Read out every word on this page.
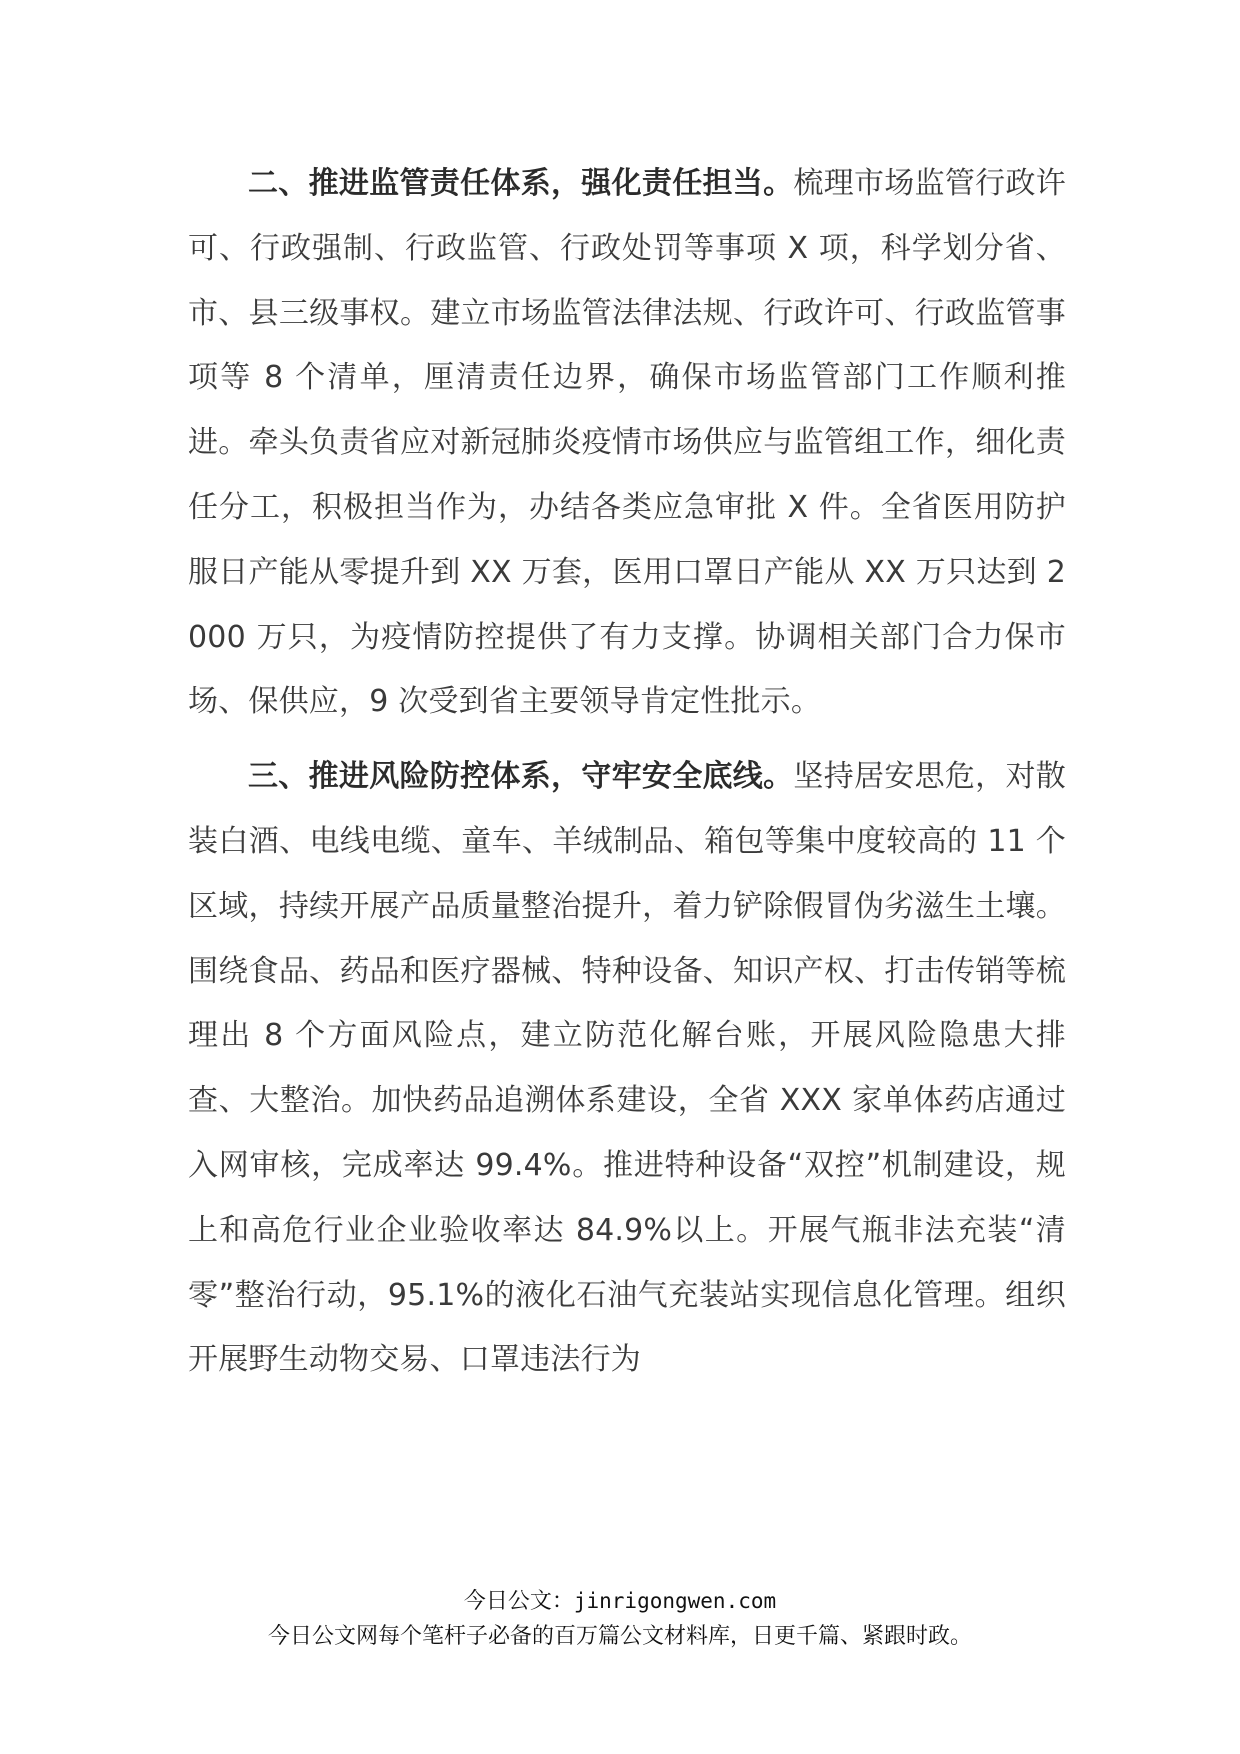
二、推进监管责任体系，强化责任担当。梳理市场监管行政许可、行政强制、行政监管、行政处罚等事项 X 项，科学划分省、市、县三级事权。建立市场监管法律法规、行政许可、行政监管事项等 8 个清单，厘清责任边界，确保市场监管部门工作顺利推进。牵头负责省应对新冠肺炎疫情市场供应与监管组工作，细化责任分工，积极担当作为，办结各类应急审批 X 件。全省医用防护服日产能从零提升到 XX 万套，医用口罩日产能从 XX 万只达到 2000 万只，为疫情防控提供了有力支撑。协调相关部门合力保市场、保供应，9 次受到省主要领导肯定性批示。

三、推进风险防控体系，守牢安全底线。坚持居安思危，对散装白酒、电线电缆、童车、羊绒制品、箱包等集中度较高的 11 个区域，持续开展产品质量整治提升，着力铲除假冒伪劣滋生土壤。围绕食品、药品和医疗器械、特种设备、知识产权、打击传销等梳理出 8 个方面风险点，建立防范化解台账，开展风险隐患大排查、大整治。加快药品追溯体系建设，全省 XXX 家单体药店通过入网审核，完成率达 99.4%。推进特种设备“双控”机制建设，规上和高危行业企业验收率达 84.9%以上。开展气瓶非法充装“清零”整治行动，95.1%的液化石油气充装站实现信息化管理。组织开展野生动物交易、口罩违法行为

今日公文：jinrigongwen.com
今日公文网每个笔杆子必备的百万篇公文材料库，日更千篇、紧跟时政。
